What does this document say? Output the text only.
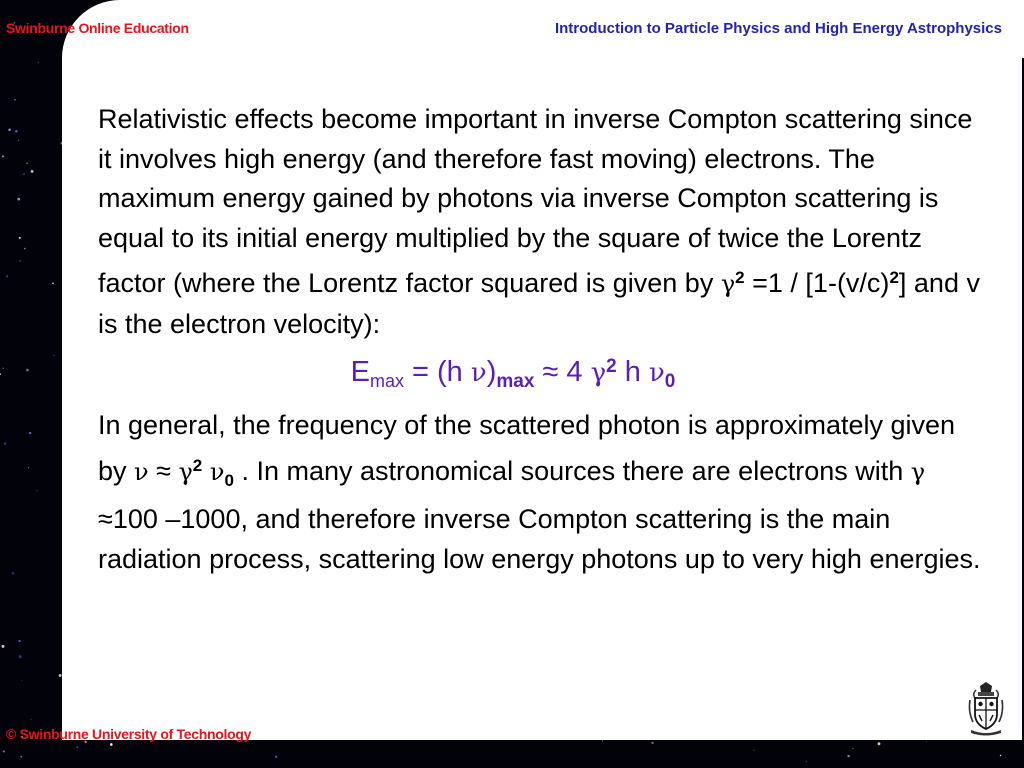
Introduction to Particle Physics and High Energy Astrophysics
Swinburne Online Education

Relativistic effects become important in inverse Compton scattering since it involves high energy (and therefore fast moving) electrons. The maximum energy gained by photons via inverse Compton scattering is equal to its initial energy multiplied by the square of twice the Lorentz factor (where the Lorentz factor squared is given by $\gamma^2 =1 / [1-(v/c)^2]$ and v is the electron velocity):

$E_{max} = (h$ $\nu)_{max} \approx 4$ $\gamma^2$ h $\nu_0$

In general, the frequency of the scattered photon is approximately given by $\nu \approx \gamma^2$ $\nu_0$ . In many astronomical sources there are electrons with γ ≈100 –1000, and therefore inverse Compton scattering is the main radiation process, scattering low energy photons up to very high energies.

© Swinburne University of Technology
